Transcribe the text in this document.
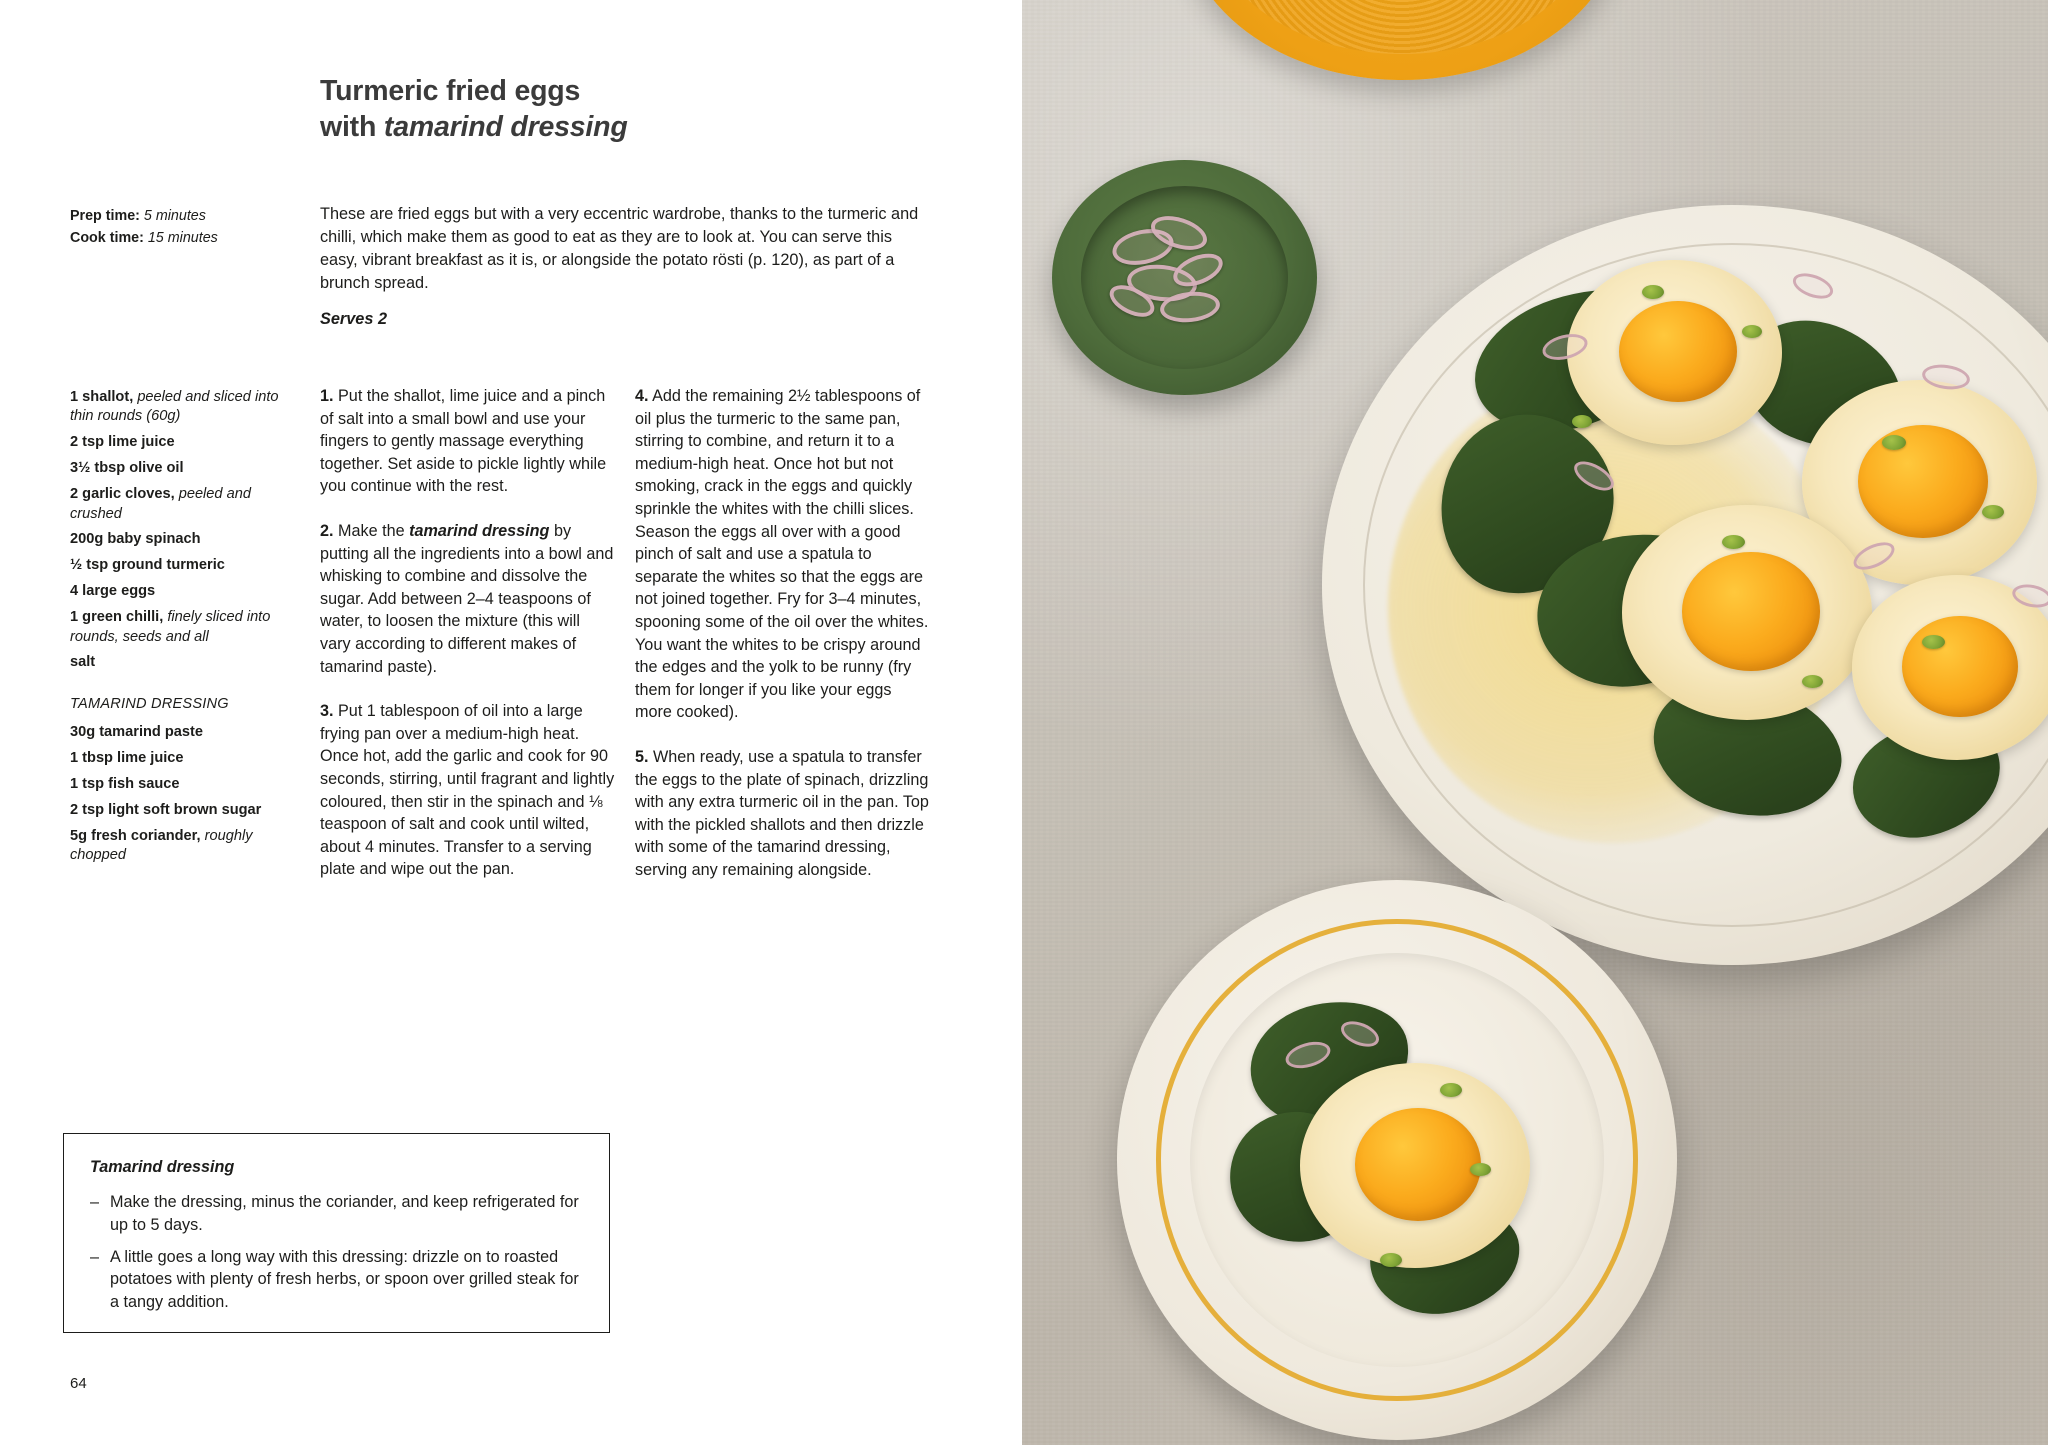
Turmeric fried eggs
with tamarind dressing
Prep time: 5 minutes
Cook time: 15 minutes
These are fried eggs but with a very eccentric wardrobe, thanks to the turmeric and chilli, which make them as good to eat as they are to look at. You can serve this easy, vibrant breakfast as it is, or alongside the potato rösti (p. 120), as part of a brunch spread.
Serves 2
1 shallot, peeled and sliced into thin rounds (60g)
2 tsp lime juice
3½ tbsp olive oil
2 garlic cloves, peeled and crushed
200g baby spinach
½ tsp ground turmeric
4 large eggs
1 green chilli, finely sliced into rounds, seeds and all
salt
TAMARIND DRESSING
30g tamarind paste
1 tbsp lime juice
1 tsp fish sauce
2 tsp light soft brown sugar
5g fresh coriander, roughly chopped

1. Put the shallot, lime juice and a pinch of salt into a small bowl and use your fingers to gently massage everything together. Set aside to pickle lightly while you continue with the rest.

2. Make the tamarind dressing by putting all the ingredients into a bowl and whisking to combine and dissolve the sugar. Add between 2–4 teaspoons of water, to loosen the mixture (this will vary according to different makes of tamarind paste).

3. Put 1 tablespoon of oil into a large frying pan over a medium-high heat. Once hot, add the garlic and cook for 90 seconds, stirring, until fragrant and lightly coloured, then stir in the spinach and ⅛ teaspoon of salt and cook until wilted, about 4 minutes. Transfer to a serving plate and wipe out the pan.

4. Add the remaining 2½ tablespoons of oil plus the turmeric to the same pan, stirring to combine, and return it to a medium-high heat. Once hot but not smoking, crack in the eggs and quickly sprinkle the whites with the chilli slices. Season the eggs all over with a good pinch of salt and use a spatula to separate the whites so that the eggs are not joined together. Fry for 3–4 minutes, spooning some of the oil over the whites. You want the whites to be crispy around the edges and the yolk to be runny (fry them for longer if you like your eggs more cooked).

5. When ready, use a spatula to transfer the eggs to the plate of spinach, drizzling with any extra turmeric oil in the pan. Top with the pickled shallots and then drizzle with some of the tamarind dressing, serving any remaining alongside.

Tamarind dressing
– Make the dressing, minus the coriander, and keep refrigerated for up to 5 days.
– A little goes a long way with this dressing: drizzle on to roasted potatoes with plenty of fresh herbs, or spoon over grilled steak for a tangy addition.
64
